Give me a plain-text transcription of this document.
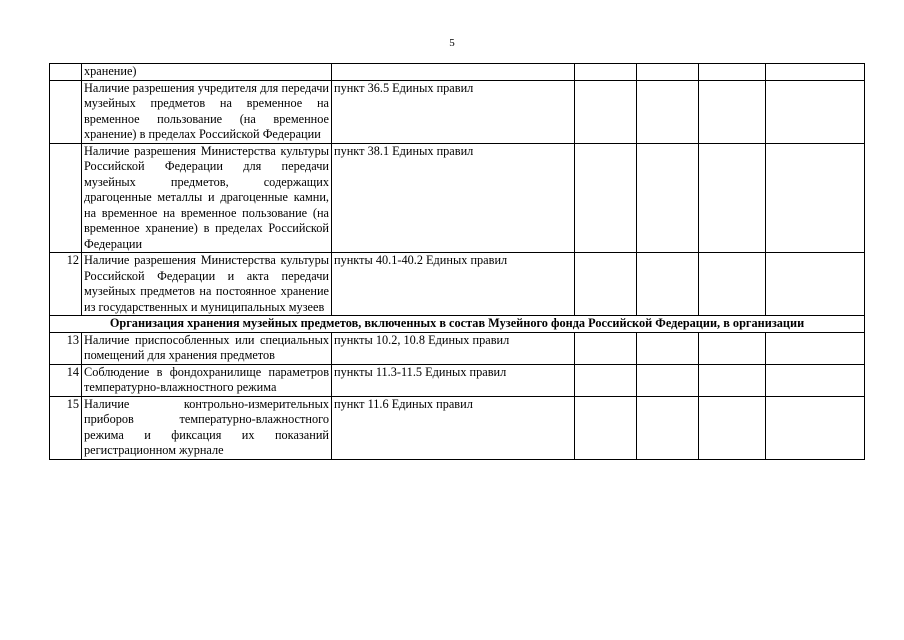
5
	хранение)					
	Наличие разрешения учредителя для передачи музейных предметов на временное на временное пользование (на временное хранение) в пределах Российской Федерации	пункт 36.5 Единых правил				
	Наличие разрешения Министерства культуры Российской Федерации для передачи музейных предметов, содержащих драгоценные металлы и драгоценные камни, на временное на временное пользование (на временное хранение) в пределах Российской Федерации	пункт 38.1 Единых правил				
12	Наличие разрешения Министерства культуры Российской Федерации и акта передачи музейных предметов на постоянное хранение из государственных и муниципальных музеев	пункты 40.1-40.2 Единых правил				
Организация хранения музейных предметов, включенных в состав Музейного фонда Российской Федерации, в организации						
13	Наличие приспособленных или специальных помещений для хранения предметов	пункты 10.2, 10.8 Единых правил				
14	Соблюдение в фондохранилище параметров температурно-влажностного режима	пункты 11.3-11.5 Единых правил				
15	Наличие контрольно-измерительных приборов температурно-влажностного режима и фиксация их показаний регистрационном журнале	пункт 11.6 Единых правил				
